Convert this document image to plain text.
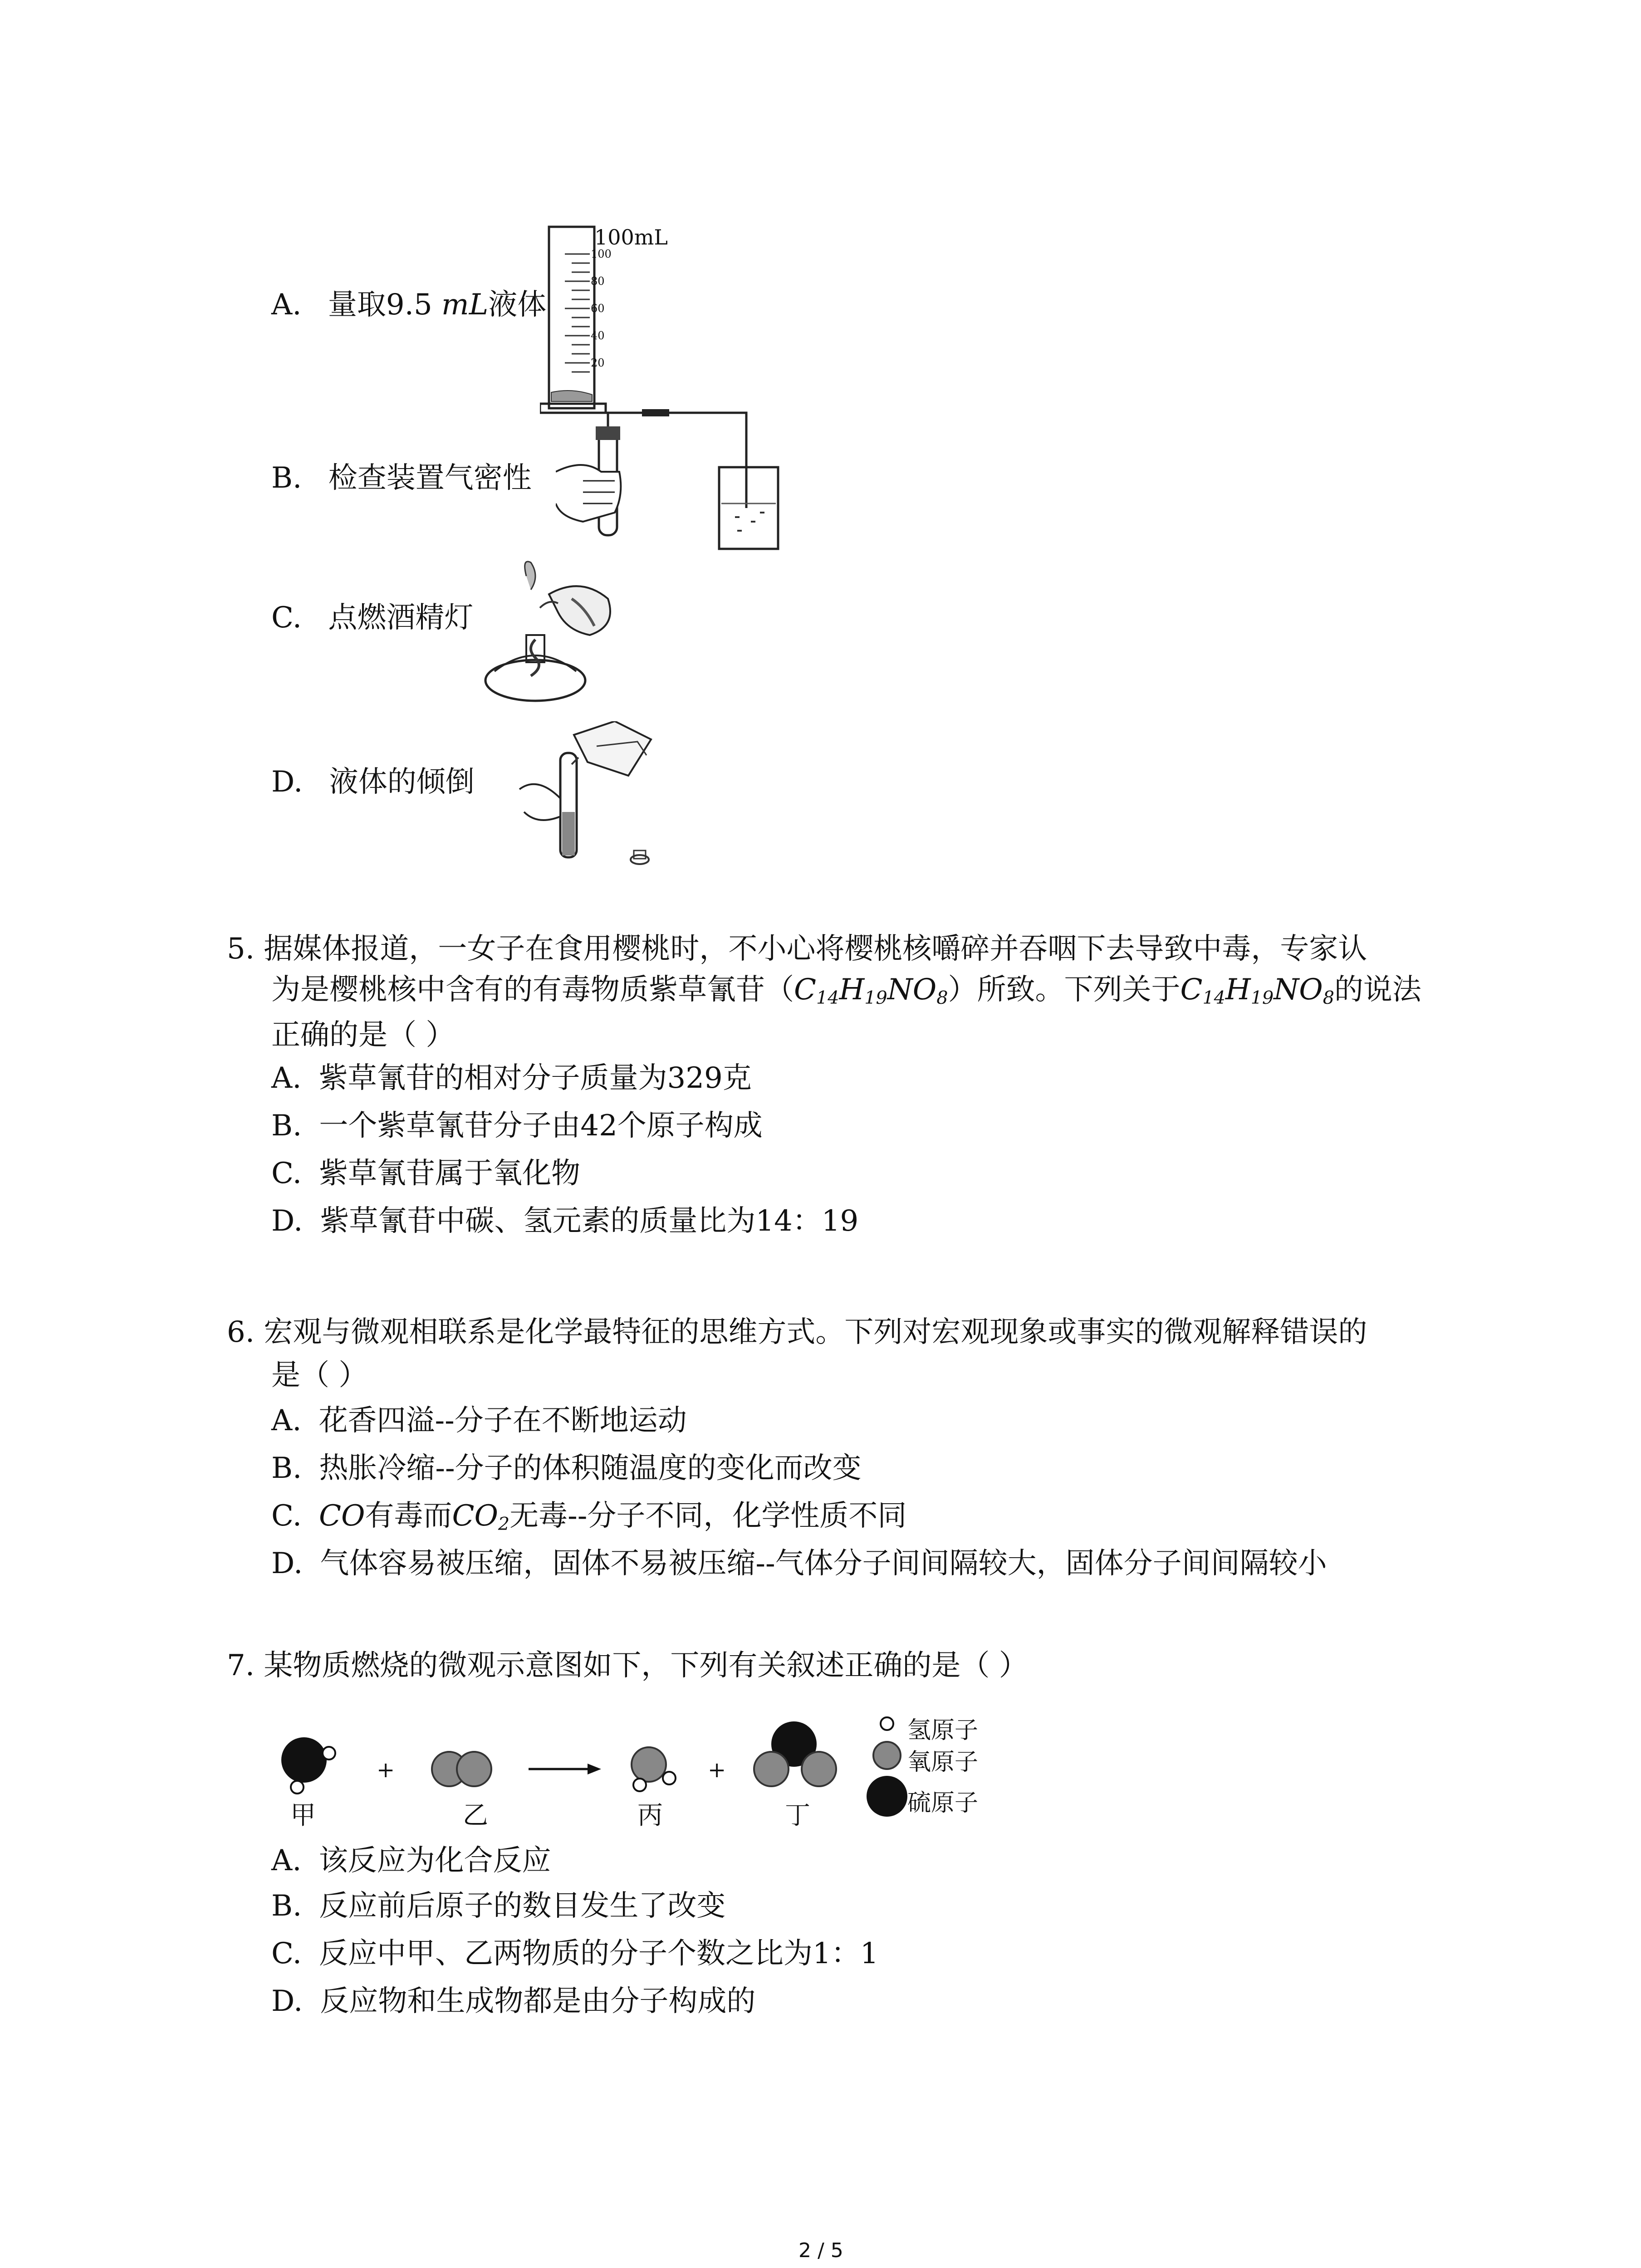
A. 量取9.5 mL液体
100mL
100
80
60
40
20
B. 检查装置气密性
C. 点燃酒精灯
D. 液体的倾倒
5. 据媒体报道，一女子在食用樱桃时，不小心将樱桃核嚼碎并吞咽下去导致中毒，专家认
为是樱桃核中含有的有毒物质紫草氰苷$(C_{14}H_{19}NO_8)$所致。下列关于$C_{14}H_{19}NO_8$的说法
正确的是（ ）
A. 紫草氰苷的相对分子质量为329克
B. 一个紫草氰苷分子由42个原子构成
C. 紫草氰苷属于氧化物
D. 紫草氰苷中碳、氢元素的质量比为14：19
6. 宏观与微观相联系是化学最特征的思维方式。下列对宏观现象或事实的微观解释错误的
是（ ）
A. 花香四溢--分子在不断地运动
B. 热胀冷缩--分子的体积随温度的变化而改变
C. CO有毒而$CO_2$无毒--分子不同，化学性质不同
D. 气体容易被压缩，固体不易被压缩--气体分子间间隔较大，固体分子间间隔较小
7. 某物质燃烧的微观示意图如下，下列有关叙述正确的是（ ）
+	+
甲	乙	丙	丁
氢原子
氧原子
硫原子
A. 该反应为化合反应
B. 反应前后原子的数目发生了改变
C. 反应中甲、乙两物质的分子个数之比为1：1
D. 反应物和生成物都是由分子构成的
2 / 5
